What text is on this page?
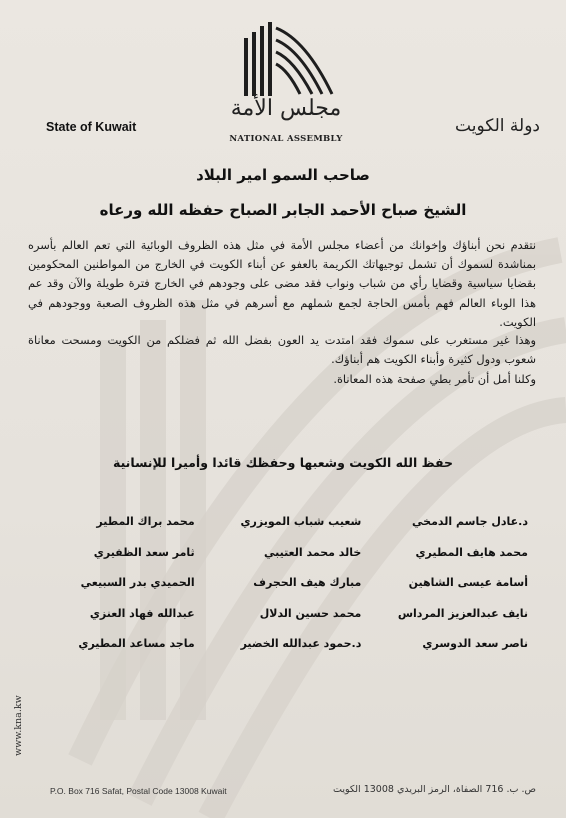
مجلس الأمة
NATIONAL ASSEMBLY
State of Kuwait	دولة الكويت
صاحب السمو امير البلاد
الشيخ صباح الأحمد الجابر الصباح حفظه الله ورعاه
نتقدم نحن أبناؤك وإخوانك من أعضاء مجلس الأمة في مثل هذه الظروف الوبائية التي تعم العالم بأسره بمناشدة لسموك أن تشمل توجيهاتك الكريمة بالعفو عن أبناء الكويت في الخارج من المواطنين المحكومين بقضايا سياسية وقضايا رأي من شباب ونواب فقد مضى على وجودهم في الخارج فترة طويلة والآن وقد عم هذا الوباء العالم فهم بأمس الحاجة لجمع شملهم مع أسرهم في مثل هذه الظروف الصعبة ووجودهم في الكويت.
وهذا غير مستغرب على سموك فقد امتدت يد العون بفضل الله ثم فضلكم من الكويت ومسحت معاناة شعوب ودول كثيرة وأبناء الكويت هم أبناؤك.
وكلنا أمل أن تأمر بطي صفحة هذه المعاناة.
حفظ الله الكويت وشعبها وحفظك قائدا وأميرا للإنسانية
د.عادل جاسم الدمخي
شعيب شباب المويزري
محمد براك المطير
محمد هايف المطيري
خالد محمد العتيبي
ثامر سعد الظفيري
أسامة عيسى الشاهين
مبارك هيف الحجرف
الحميدي بدر السبيعي
نايف عبدالعزيز المرداس
محمد حسين الدلال
عبدالله فهاد العنزي
ناصر سعد الدوسري
د.حمود عبدالله الخضير
ماجد مساعد المطيري
www.kna.kw
P.O. Box 716 Safat, Postal Code 13008 Kuwait	ص. ب. 716 الصفاة، الرمز البريدي 13008 الكويت
